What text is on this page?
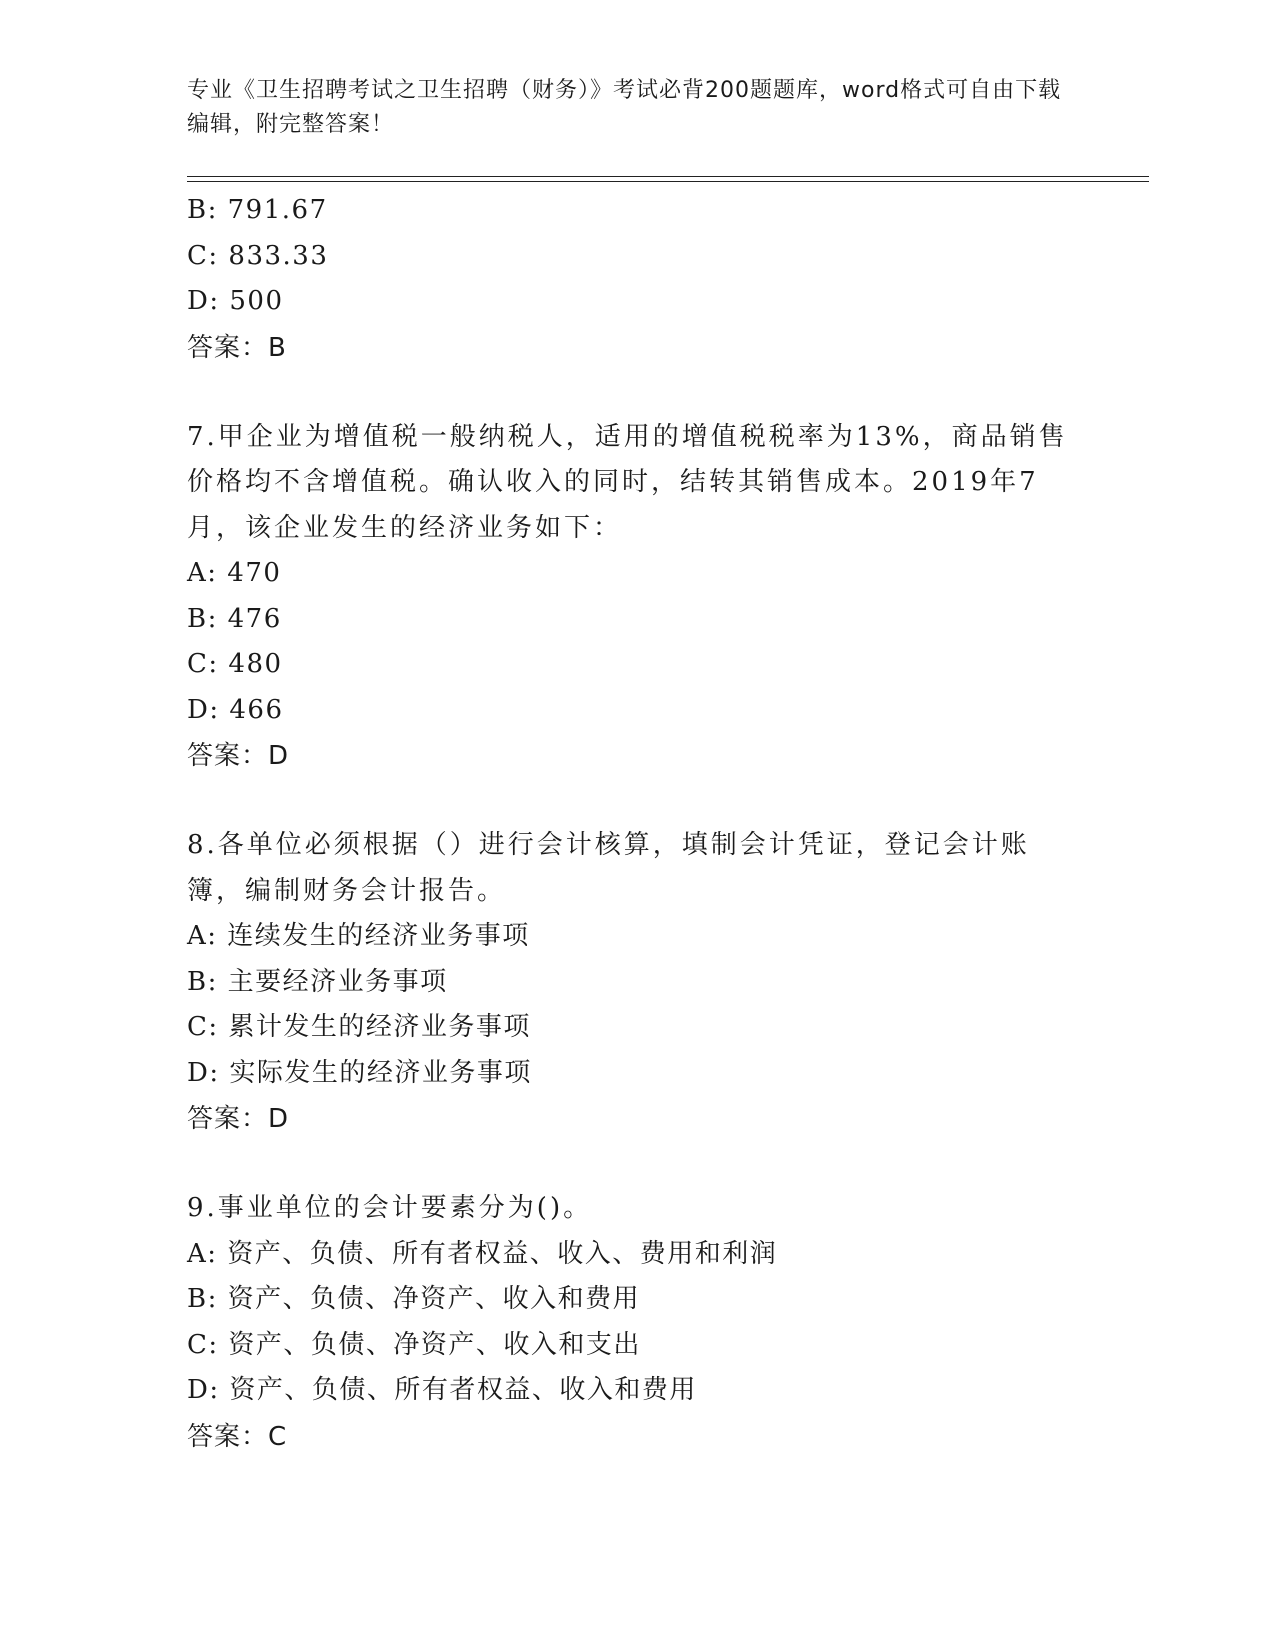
专业《卫生招聘考试之卫生招聘（财务）》考试必背200题题库，word格式可自由下载编辑，附完整答案！
B: 791.67
C: 833.33
D: 500
答案：B
7.甲企业为增值税一般纳税人，适用的增值税税率为13%，商品销售价格均不含增值税。确认收入的同时，结转其销售成本。2019年7月，该企业发生的经济业务如下：
A: 470
B: 476
C: 480
D: 466
答案：D
8.各单位必须根据（）进行会计核算，填制会计凭证，登记会计账簿，编制财务会计报告。
A: 连续发生的经济业务事项
B: 主要经济业务事项
C: 累计发生的经济业务事项
D: 实际发生的经济业务事项
答案：D
9.事业单位的会计要素分为()。
A: 资产、负债、所有者权益、收入、费用和利润
B: 资产、负债、净资产、收入和费用
C: 资产、负债、净资产、收入和支出
D: 资产、负债、所有者权益、收入和费用
答案：C
